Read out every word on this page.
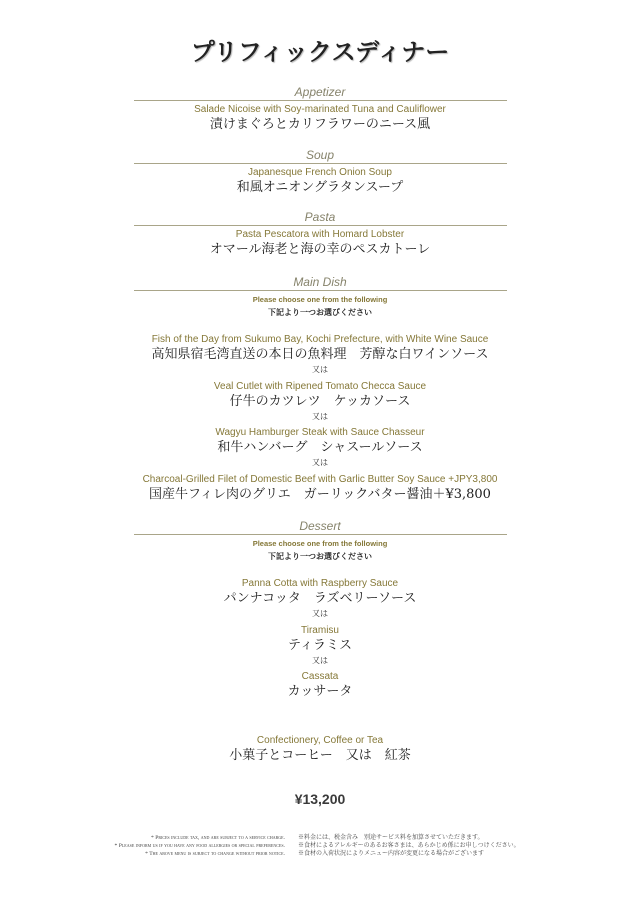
プリフィックスディナー
Appetizer
Salade Nicoise with Soy-marinated Tuna and Cauliflower
漬けまぐろとカリフラワーのニース風
Soup
Japanesque French Onion Soup
和風オニオングラタンスープ
Pasta
Pasta Pescatora with Homard Lobster
オマール海老と海の幸のペスカトーレ
Main Dish
Please choose one from the following
下記より一つお選びください
Fish of the Day from Sukumo Bay, Kochi Prefecture, with White Wine Sauce
高知県宿毛湾直送の本日の魚料理　芳醇な白ワインソース
又は
Veal Cutlet with Ripened Tomato Checca Sauce
仔牛のカツレツ　ケッカソース
又は
Wagyu Hamburger Steak with Sauce Chasseur
和牛ハンバーグ　シャスールソース
又は
Charcoal-Grilled Filet of Domestic Beef with Garlic Butter Soy Sauce +JPY3,800
国産牛フィレ肉のグリエ　ガーリックバター醤油＋¥3,800
Dessert
Please choose one from the following
下記より一つお選びください
Panna Cotta with Raspberry Sauce
パンナコッタ　ラズベリーソース
又は
Tiramisu
ティラミス
又は
Cassata
カッサータ
Confectionery, Coffee or Tea
小菓子とコーヒー　又は　紅茶
¥13,200
* Prices include tax, and are subject to a service charge.
* Please inform us if you have any food allergies or special preferences.
* The above menu is subject to change without prior notice.
※料金には、税金含み　別途サービス料を加算させていただきます。
※食材によるアレルギーのあるお客さまは、あらかじめ係にお申しつけください。
※食材の入荷状況によりメニュー内容が変更になる場合がございます
